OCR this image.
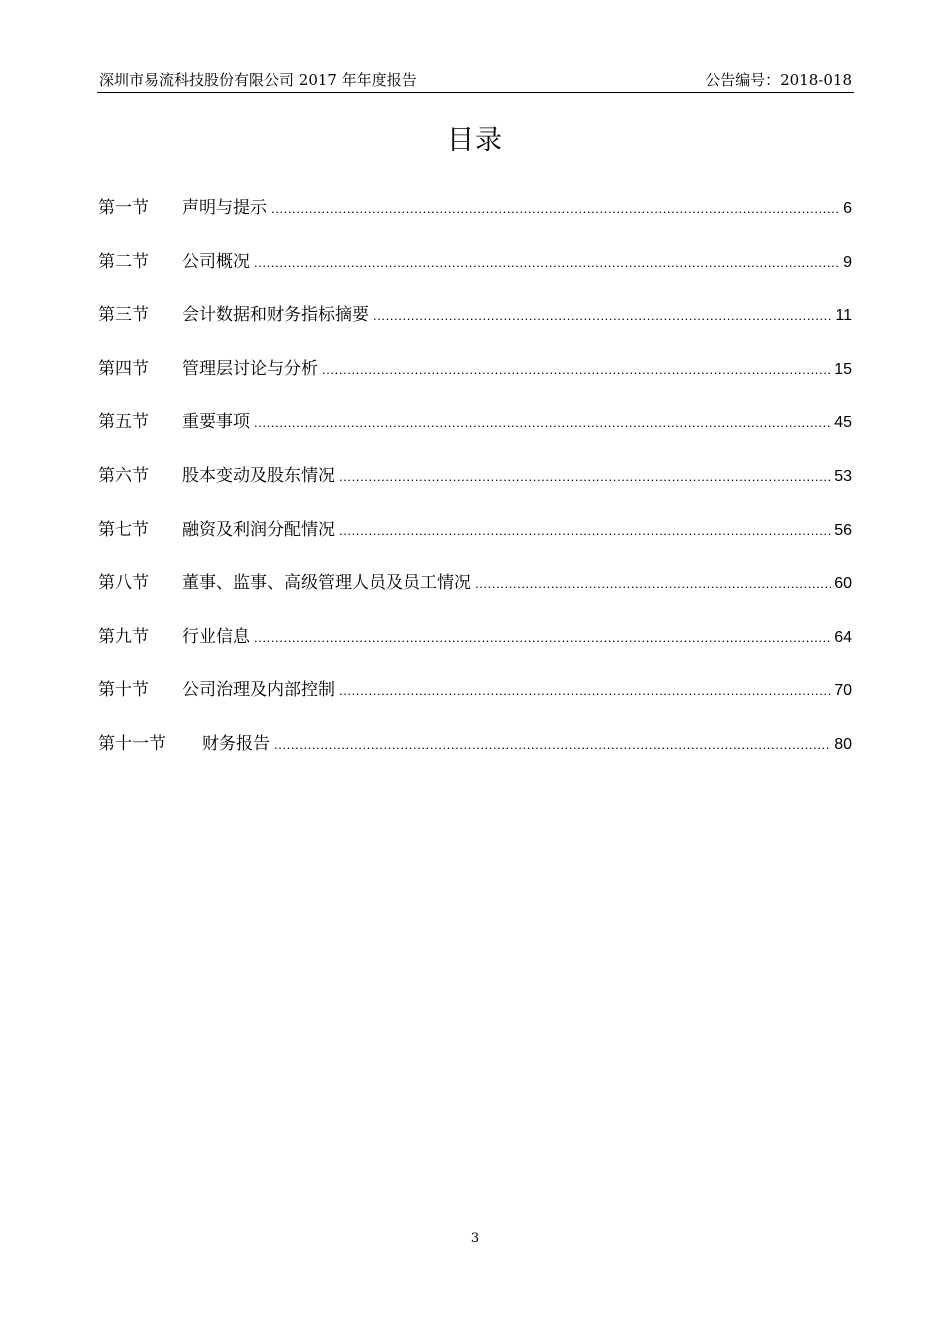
深圳市易流科技股份有限公司 2017 年年度报告	公告编号：2018-018
目录
第一节	声明与提示 .....	6
第二节	公司概况 .....	9
第三节	会计数据和财务指标摘要 .....	11
第四节	管理层讨论与分析 .....	15
第五节	重要事项 .....	45
第六节	股本变动及股东情况 .....	53
第七节	融资及利润分配情况 .....	56
第八节	董事、监事、高级管理人员及员工情况 .....	60
第九节	行业信息 .....	64
第十节	公司治理及内部控制 .....	70
第十一节	财务报告 .....	80
3
